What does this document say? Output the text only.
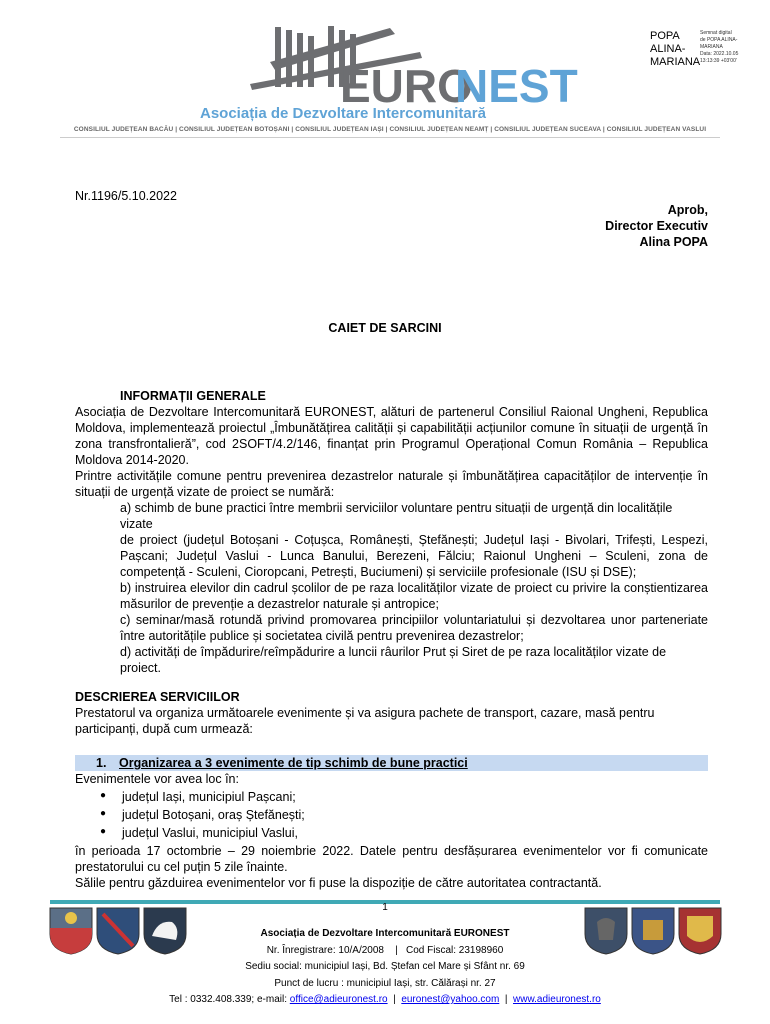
EURO
NEST
Asociația de Dezvoltare Intercomunitară
POPA
ALINA-
MARIANA
Semnat digital
de POPA ALINA-
MARIANA
Data: 2022.10.05
13:13:39 +03'00'
CONSILIUL JUDEȚEAN BACĂU | CONSILIUL JUDEȚEAN BOTOȘANI | CONSILIUL JUDEȚEAN IAȘI | CONSILIUL JUDEȚEAN NEAMȚ | CONSILIUL JUDEȚEAN SUCEAVA | CONSILIUL JUDEȚEAN VASLUI
Nr.1196/5.10.2022
Aprob,
Director Executiv
Alina POPA
CAIET DE SARCINI
INFORMAȚII GENERALE
Asociația de Dezvoltare Intercomunitară EURONEST, alături de partenerul Consiliul Raional Ungheni, Republica
Moldova, implementează proiectul „Îmbunătățirea calității și capabilității acțiunilor comune în situații de urgență în
zona transfrontalieră”, cod 2SOFT/4.2/146, finanțat prin Programul Operațional Comun România – Republica
Moldova 2014-2020.
Printre activitățile comune pentru prevenirea dezastrelor naturale și îmbunătățirea capacităților de intervenție în
situații de urgență vizate de proiect se numără:
a) schimb de bune practici între membrii serviciilor voluntare pentru situații de urgență din localitățile vizate
de proiect (județul Botoșani - Coțușca, Românești, Ștefănești; Județul Iași - Bivolari, Trifești, Lespezi,
Pașcani; Județul Vaslui - Lunca Banului, Berezeni, Fălciu; Raionul Ungheni – Sculeni, zona de
competență - Sculeni, Cioropcani, Petrești, Buciumeni) și serviciile profesionale (ISU și DSE);
b) instruirea elevilor din cadrul școlilor de pe raza localităților vizate de proiect cu privire la conștientizarea
măsurilor de prevenție a dezastrelor naturale și antropice;
c) seminar/masă rotundă privind promovarea principiilor voluntariatului și dezvoltarea unor parteneriate
între autoritățile publice și societatea civilă pentru prevenirea dezastrelor;
d) activități de împădurire/reîmpădurire a luncii râurilor Prut și Siret de pe raza localităților vizate de proiect.
DESCRIEREA SERVICIILOR
Prestatorul va organiza următoarele evenimente și va asigura pachete de transport, cazare, masă pentru
participanți, după cum urmează:
1. Organizarea a 3 evenimente de tip schimb de bune practici
Evenimentele vor avea loc în:
● județul Iași, municipiul Pașcani;
● județul Botoșani, oraș Ștefănești;
● județul Vaslui, municipiul Vaslui,
în perioada 17 octombrie – 29 noiembrie 2022. Datele pentru desfășurarea evenimentelor vor fi comunicate
prestatorului cu cel puțin 5 zile înainte.
Sălile pentru găzduirea evenimentelor vor fi puse la dispoziție de către autoritatea contractantă.
1
Asociația de Dezvoltare Intercomunitară EURONEST
Nr. Înregistrare: 10/A/2008    |   Cod Fiscal: 23198960
Sediu social: municipiul Iași, Bd. Ștefan cel Mare și Sfânt nr. 69
Punct de lucru : municipiul Iași, str. Călărași nr. 27
Tel : 0332.408.339; e-mail: office@adieuronest.ro  |  euronest@yahoo.com  |  www.adieuronest.ro
